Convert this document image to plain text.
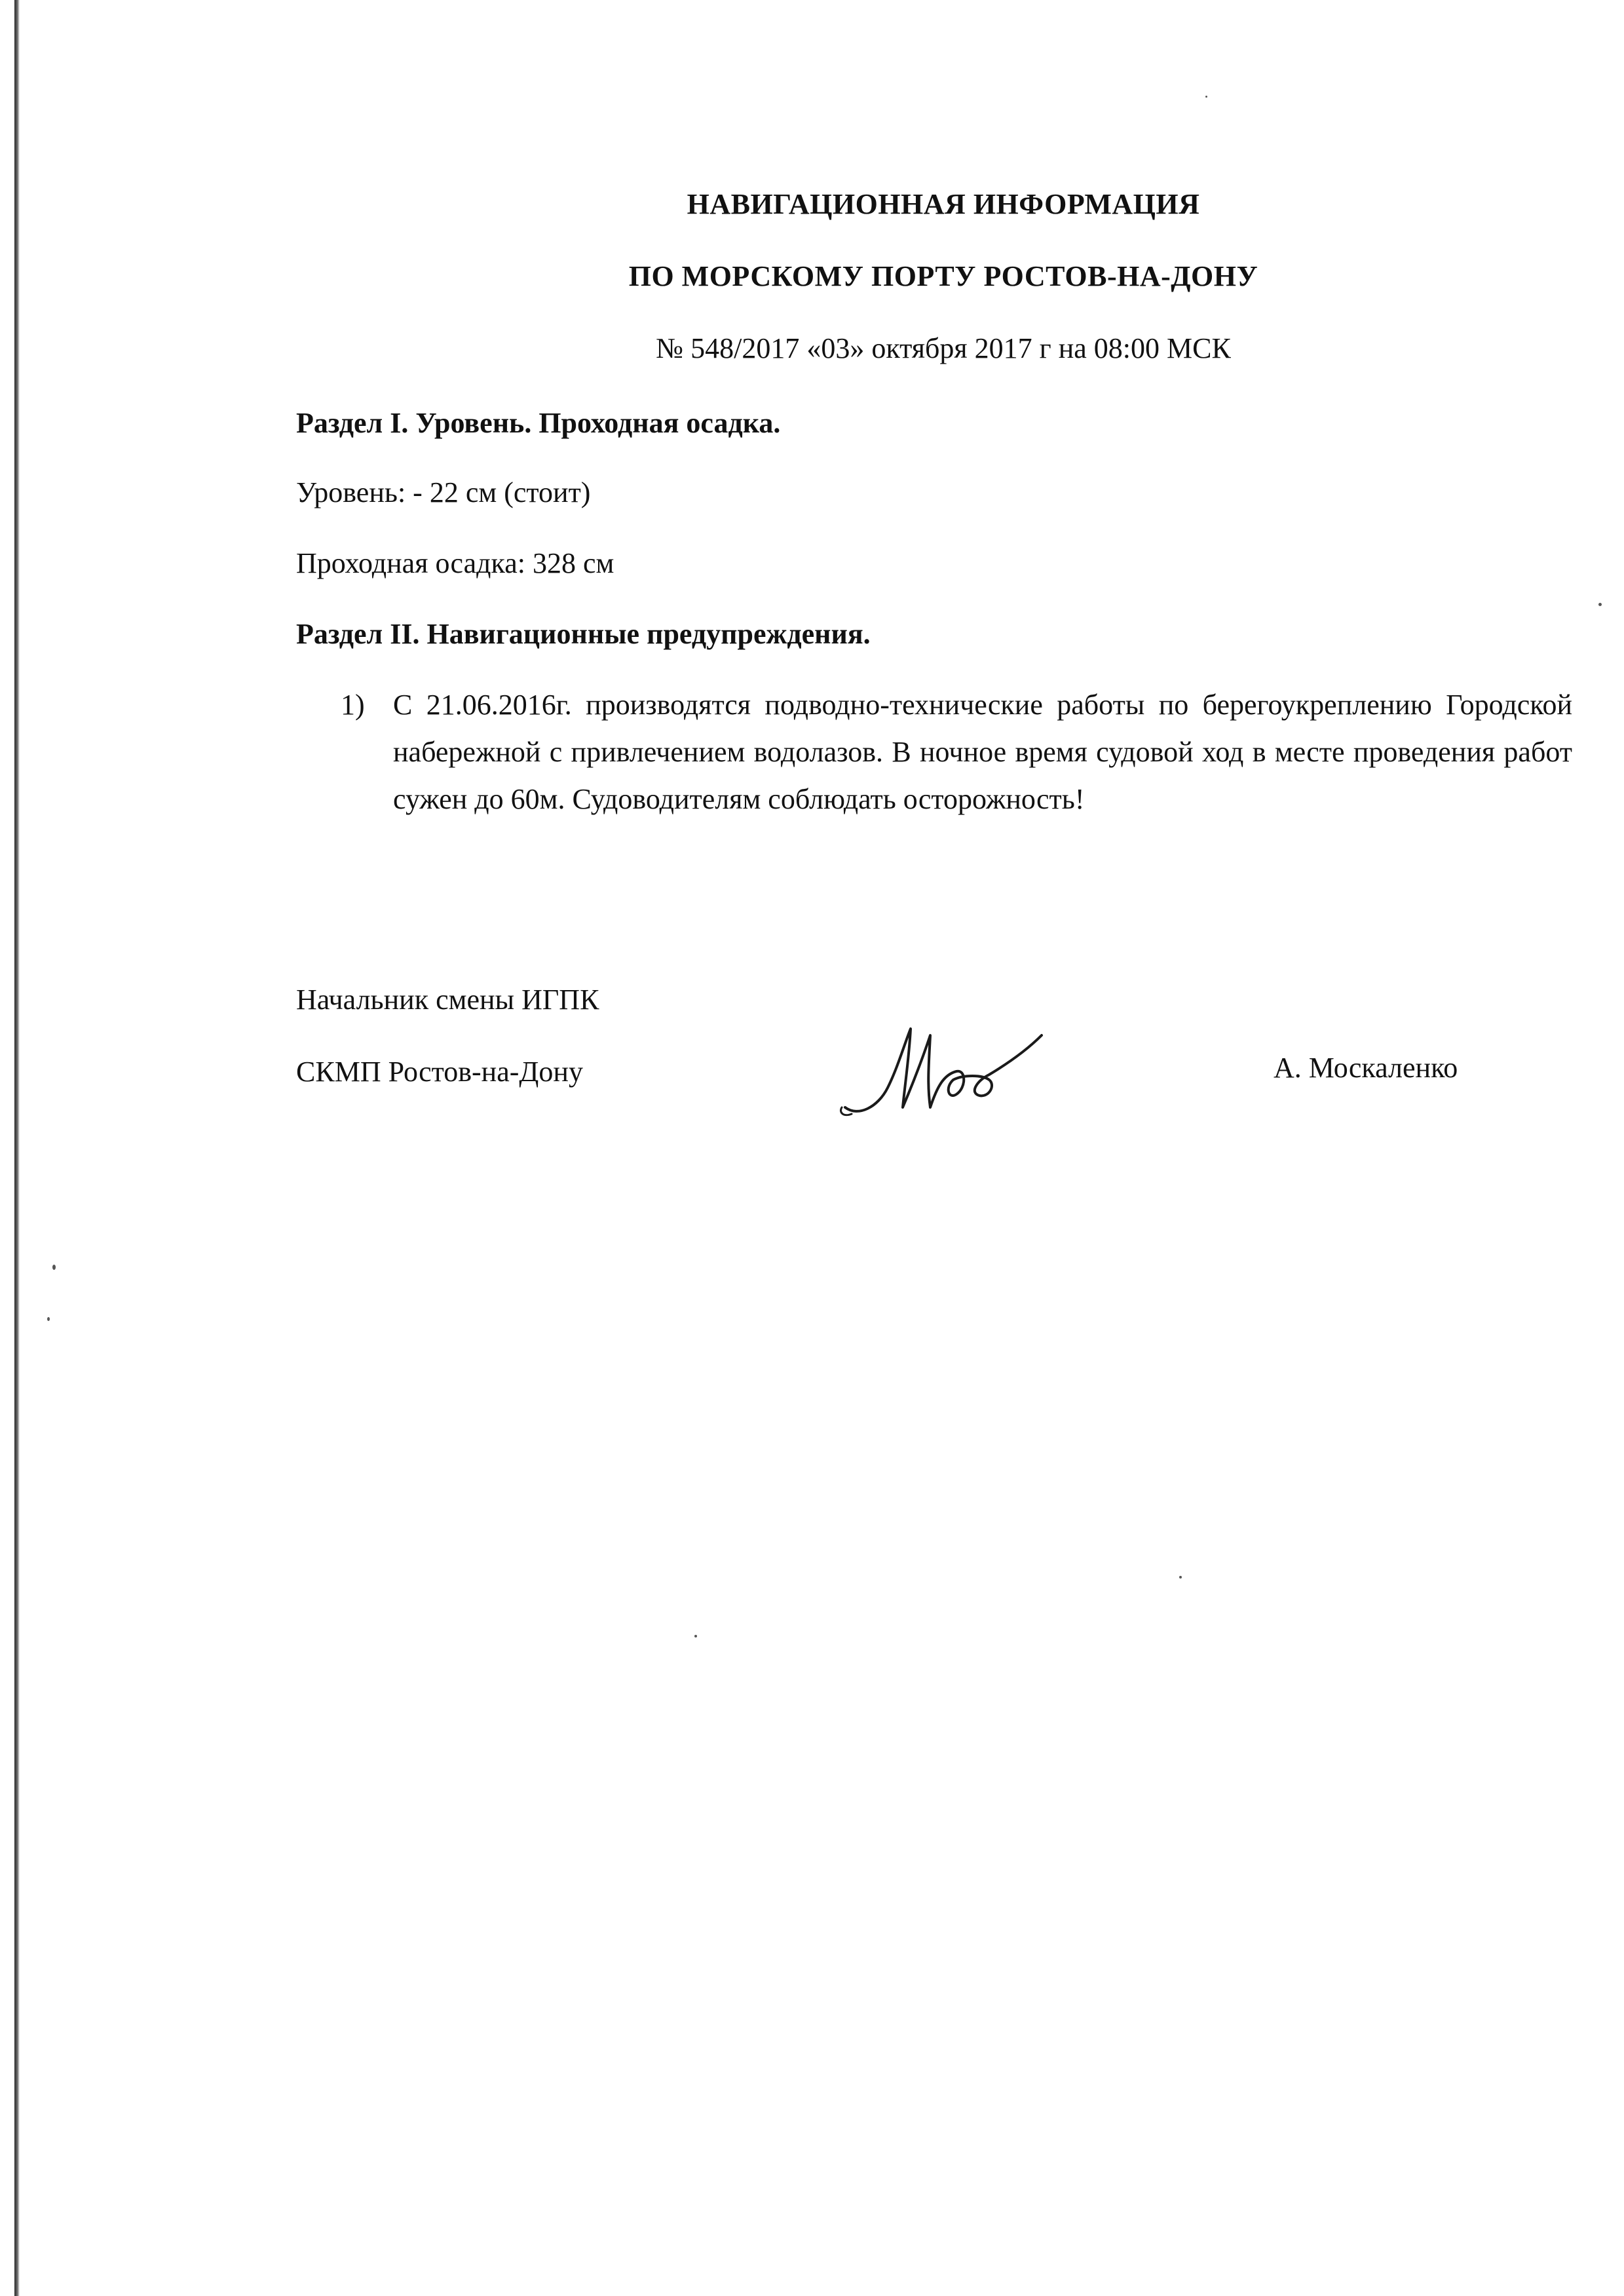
НАВИГАЦИОННАЯ ИНФОРМАЦИЯ
ПО МОРСКОМУ ПОРТУ РОСТОВ-НА-ДОНУ
№ 548/2017 «03» октября 2017 г на 08:00 МСК

Раздел I. Уровень. Проходная осадка.

Уровень: - 22 см (стоит)

Проходная осадка: 328 см

Раздел II. Навигационные предупреждения.

1) С 21.06.2016г. производятся подводно-технические работы по берегоукреплению Городской набережной с привлечением водолазов. В ночное время судовой ход в месте проведения работ сужен до 60м. Судоводителям соблюдать осторожность!

Начальник смены ИГПК

СКМП Ростов-на-Дону	А. Москаленко
